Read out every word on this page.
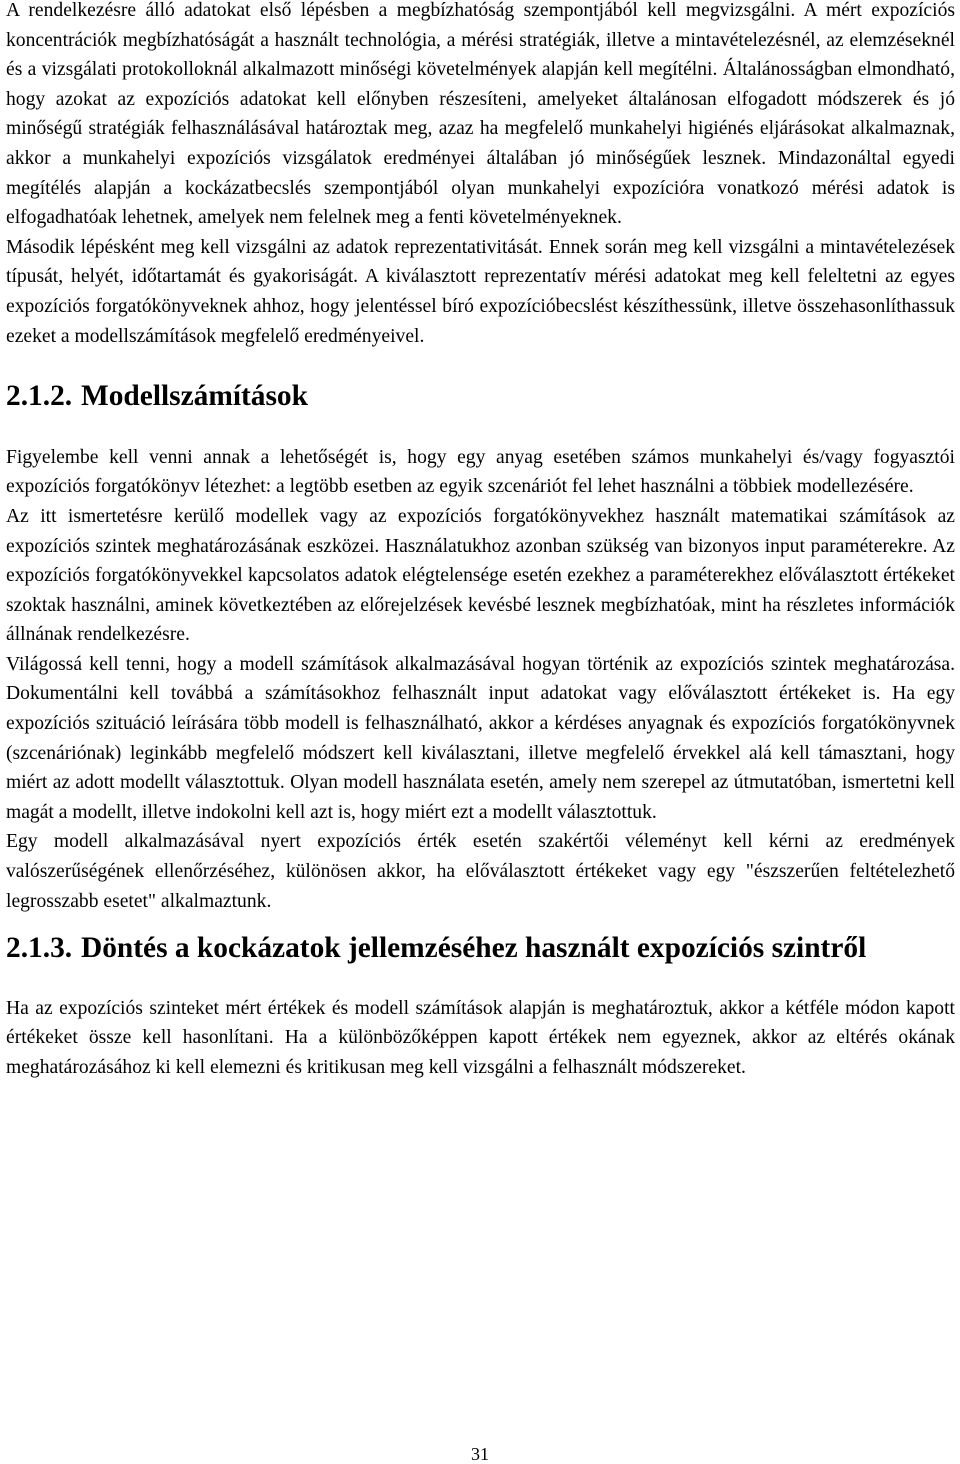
A rendelkezésre álló adatokat első lépésben a megbízhatóság szempontjából kell megvizsgálni. A mért expozíciós koncentrációk megbízhatóságát a használt technológia, a mérési stratégiák, illetve a mintavételezésnél, az elemzéseknél és a vizsgálati protokolloknál alkalmazott minőségi követelmények alapján kell megítélni. Általánosságban elmondható, hogy azokat az expozíciós adatokat kell előnyben részesíteni, amelyeket általánosan elfogadott módszerek és jó minőségű stratégiák felhasználásával határoztak meg, azaz ha megfelelő munkahelyi higiénés eljárásokat alkalmaznak, akkor a munkahelyi expozíciós vizsgálatok eredményei általában jó minőségűek lesznek. Mindazonáltal egyedi megítélés alapján a kockázatbecslés szempontjából olyan munkahelyi expozícióra vonatkozó mérési adatok is elfogadhatóak lehetnek, amelyek nem felelnek meg a fenti követelményeknek.

Második lépésként meg kell vizsgálni az adatok reprezentativitását. Ennek során meg kell vizsgálni a mintavételezések típusát, helyét, időtartamát és gyakoriságát. A kiválasztott reprezentatív mérési adatokat meg kell feleltetni az egyes expozíciós forgatókönyveknek ahhoz, hogy jelentéssel bíró expozícióbecslést készíthessünk, illetve összehasonlíthassuk ezeket a modellszámítások megfelelő eredményeivel.

2.1.2. Modellszámítások

Figyelembe kell venni annak a lehetőségét is, hogy egy anyag esetében számos munkahelyi és/vagy fogyasztói expozíciós forgatókönyv létezhet: a legtöbb esetben az egyik szcenáriót fel lehet használni a többiek modellezésére.

Az itt ismertetésre kerülő modellek vagy az expozíciós forgatókönyvekhez használt matematikai számítások az expozíciós szintek meghatározásának eszközei. Használatukhoz azonban szükség van bizonyos input paraméterekre. Az expozíciós forgatókönyvekkel kapcsolatos adatok elégtelensége esetén ezekhez a paraméterekhez előválasztott értékeket szoktak használni, aminek következtében az előrejelzések kevésbé lesznek megbízhatóak, mint ha részletes információk állnának rendelkezésre.

Világossá kell tenni, hogy a modell számítások alkalmazásával hogyan történik az expozíciós szintek meghatározása. Dokumentálni kell továbbá a számításokhoz felhasznált input adatokat vagy előválasztott értékeket is. Ha egy expozíciós szituáció leírására több modell is felhasználható, akkor a kérdéses anyagnak és expozíciós forgatókönyvnek (szcenáriónak) leginkább megfelelő módszert kell kiválasztani, illetve megfelelő érvekkel alá kell támasztani, hogy miért az adott modellt választottuk. Olyan modell használata esetén, amely nem szerepel az útmutatóban, ismertetni kell magát a modellt, illetve indokolni kell azt is, hogy miért ezt a modellt választottuk.

Egy modell alkalmazásával nyert expozíciós érték esetén szakértői véleményt kell kérni az eredmények valószerűségének ellenőrzéséhez, különösen akkor, ha előválasztott értékeket vagy egy "észszerűen feltételezhető legrosszabb esetet" alkalmaztunk.

2.1.3. Döntés a kockázatok jellemzéséhez használt expozíciós szintről

Ha az expozíciós szinteket mért értékek és modell számítások alapján is meghatároztuk, akkor a kétféle módon kapott értékeket össze kell hasonlítani. Ha a különbözőképpen kapott értékek nem egyeznek, akkor az eltérés okának meghatározásához ki kell elemezni és kritikusan meg kell vizsgálni a felhasznált módszereket.

31
